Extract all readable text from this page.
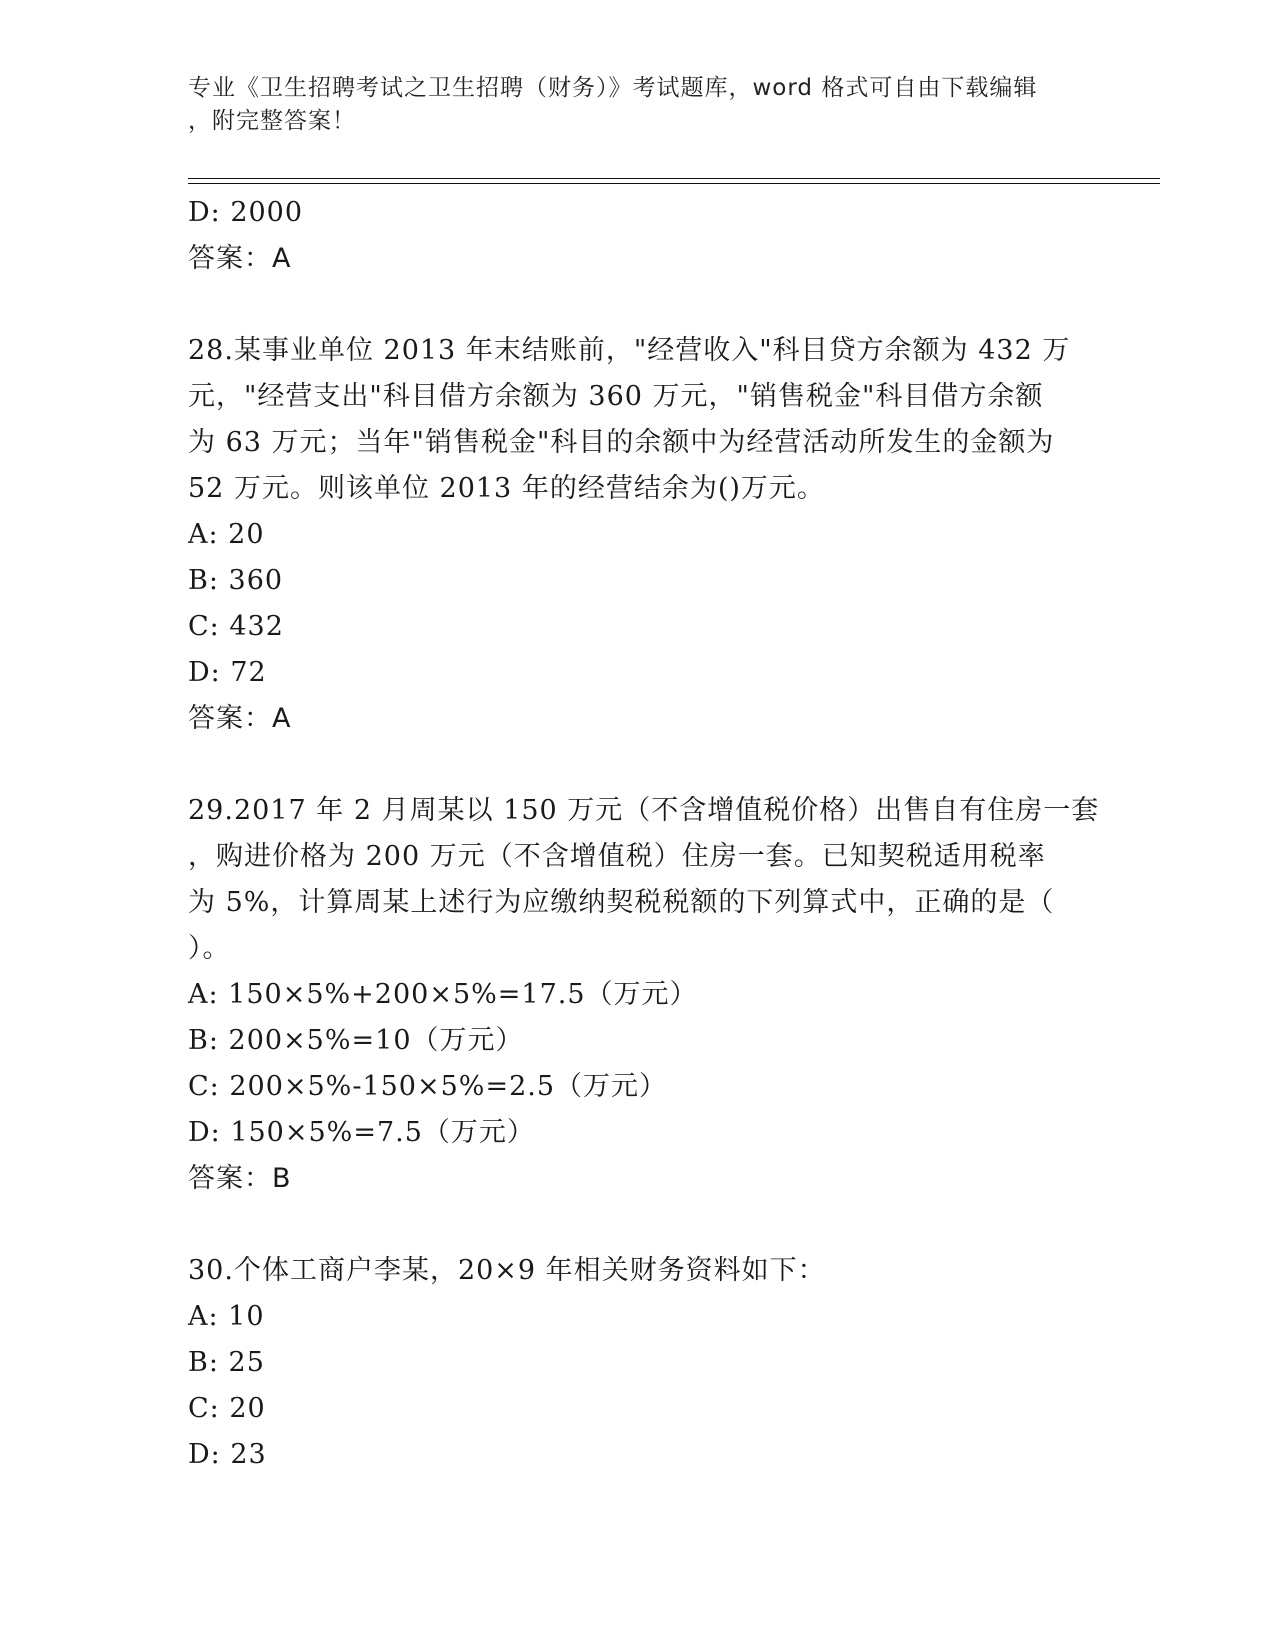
专业《卫生招聘考试之卫生招聘（财务）》考试题库，word 格式可自由下载编辑
，附完整答案！
D: 2000
答案：A
28.某事业单位 2013 年末结账前，"经营收入"科目贷方余额为 432 万
元，"经营支出"科目借方余额为 360 万元，"销售税金"科目借方余额
为 63 万元；当年"销售税金"科目的余额中为经营活动所发生的金额为
52 万元。则该单位 2013 年的经营结余为()万元。
A: 20
B: 360
C: 432
D: 72
答案：A
29.2017 年 2 月周某以 150 万元（不含增值税价格）出售自有住房一套
，购进价格为 200 万元（不含增值税）住房一套。已知契税适用税率
为 5%，计算周某上述行为应缴纳契税税额的下列算式中，正确的是（
）。
A: 150×5%+200×5%=17.5（万元）
B: 200×5%=10（万元）
C: 200×5%-150×5%=2.5（万元）
D: 150×5%=7.5（万元）
答案：B
30.个体工商户李某，20×9 年相关财务资料如下：
A: 10
B: 25
C: 20
D: 23
